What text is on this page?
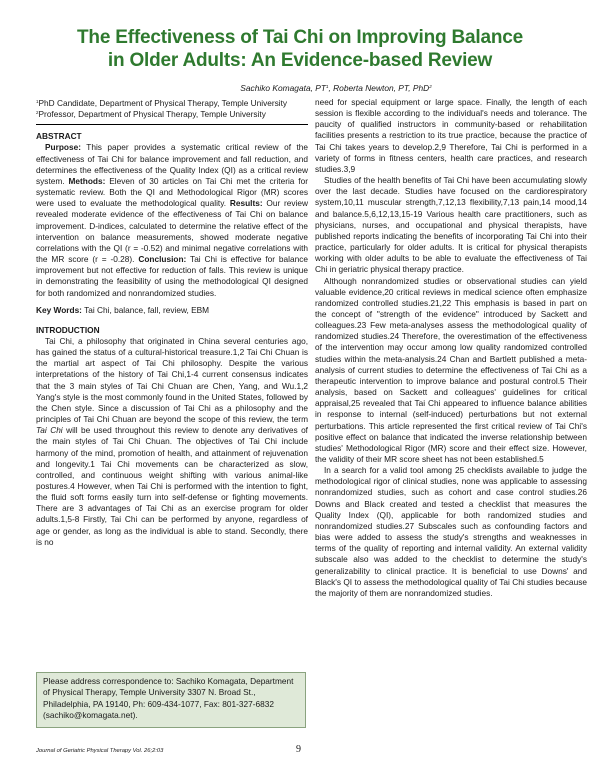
The Effectiveness of Tai Chi on Improving Balance
in Older Adults: An Evidence-based Review
Sachiko Komagata, $PT^1$, Roberta Newton, PT, PhD$^2$

$^1$PhD Candidate, Department of Physical Therapy, Temple University

$^2$Professor, Department of Physical Therapy, Temple University

ABSTRACT

Purpose: This paper provides a systematic critical review of the effectiveness of Tai Chi for balance improvement and fall reduction, and determines the effectiveness of the Quality Index (QI) as a critical review system. Methods: Eleven of 30 articles on Tai Chi met the criteria for systematic review. Both the QI and Methodological Rigor (MR) scores were used to evaluate the methodological quality. Results: Our review revealed moderate evidence of the effectiveness of Tai Chi on balance improvement. D-indices, calculated to determine the relative effect of the intervention on balance measurements, showed moderate negative correlations with the QI (r = -0.52) and minimal negative correlations with the MR score (r = -0.28). Conclusion: Tai Chi is effective for balance improvement but not effective for reduction of falls. This review is unique in demonstrating the feasibility of using the methodological QI designed for both randomized and nonrandomized studies.

Key Words: Tai Chi, balance, fall, review, EBM

INTRODUCTION

Tai Chi, a philosophy that originated in China several centuries ago, has gained the status of a cultural-historical treasure.1,2 Tai Chi Chuan is the martial art aspect of Tai Chi philosophy. Despite the various interpretations of the history of Tai Chi,1-4 current consensus indicates that the 3 main styles of Tai Chi Chuan are Chen, Yang, and Wu.1,2 Yang's style is the most commonly found in the United States, followed by the Chen style. Since a discussion of Tai Chi as a philosophy and the principles of Tai Chi Chuan are beyond the scope of this review, the term Tai Chi will be used throughout this review to denote any derivatives of the main styles of Tai Chi Chuan. The objectives of Tai Chi include harmony of the mind, promotion of health, and attainment of rejuvenation and longevity.1 Tai Chi movements can be characterized as slow, controlled, and continuous weight shifting with various animal-like postures.4 However, when Tai Chi is performed with the intention to fight, the fluid soft forms easily turn into self-defense or fighting movements. There are 3 advantages of Tai Chi as an exercise program for older adults.1,5-8 Firstly, Tai Chi can be performed by anyone, regardless of age or gender, as long as the individual is able to stand. Secondly, there is no

need for special equipment or large space. Finally, the length of each session is flexible according to the individual's needs and tolerance. The paucity of qualified instructors in community-based or rehabilitation facilities presents a restriction to its true practice, because the practice of Tai Chi takes years to develop.2,9 Therefore, Tai Chi is performed in a variety of forms in fitness centers, health care practices, and research studies.3,9

Studies of the health benefits of Tai Chi have been accumulating slowly over the last decade. Studies have focused on the cardiorespiratory system,10,11 muscular strength,7,12,13 flexibility,7,13 pain,14 mood,14 and balance.5,6,12,13,15-19 Various health care practitioners, such as physicians, nurses, and occupational and physical therapists, have published reports indicating the benefits of incorporating Tai Chi into their practice, particularly for older adults. It is critical for physical therapists working with older adults to be able to evaluate the effectiveness of Tai Chi in geriatric physical therapy practice.

Although nonrandomized studies or observational studies can yield valuable evidence,20 critical reviews in medical science often emphasize randomized controlled studies.21,22 This emphasis is based in part on the concept of "strength of the evidence" introduced by Sackett and colleagues.23 Few meta-analyses assess the methodological quality of randomized studies.24 Therefore, the overestimation of the effectiveness of the intervention may occur among low quality randomized controlled studies within the meta-analysis.24 Chan and Bartlett published a meta-analysis of current studies to determine the effectiveness of Tai Chi as a therapeutic intervention to improve balance and postural control.5 Their analysis, based on Sackett and colleagues' guidelines for critical appraisal,25 revealed that Tai Chi appeared to influence balance abilities in response to internal (self-induced) perturbations but not external perturbations. This article represented the first critical review of Tai Chi's positive effect on balance that indicated the inverse relationship between studies' Methodological Rigor (MR) score and their effect size. However, the validity of their MR score sheet has not been established.5

In a search for a valid tool among 25 checklists available to judge the methodological rigor of clinical studies, none was applicable to assessing nonrandomized studies, such as cohort and case control studies.26 Downs and Black created and tested a checklist that measures the Quality Index (QI), applicable for both randomized studies and nonrandomized studies.27 Subscales such as confounding factors and bias were added to assess the study's strengths and weaknesses in terms of the quality of reporting and internal validity. An external validity subscale also was added to the checklist to determine the study's generalizability to clinical practice. It is beneficial to use Downs' and Black's QI to assess the methodological quality of Tai Chi studies because the majority of them are nonrandomized studies.

Please address correspondence to: Sachiko Komagata, Department of Physical Therapy, Temple University 3307 N. Broad St., Philadelphia, PA 19140, Ph: 609-434-1077, Fax: 801-327-6832 (sachiko@komagata.net).
Journal of Geriatric Physical Therapy Vol. 26;2:03	9
